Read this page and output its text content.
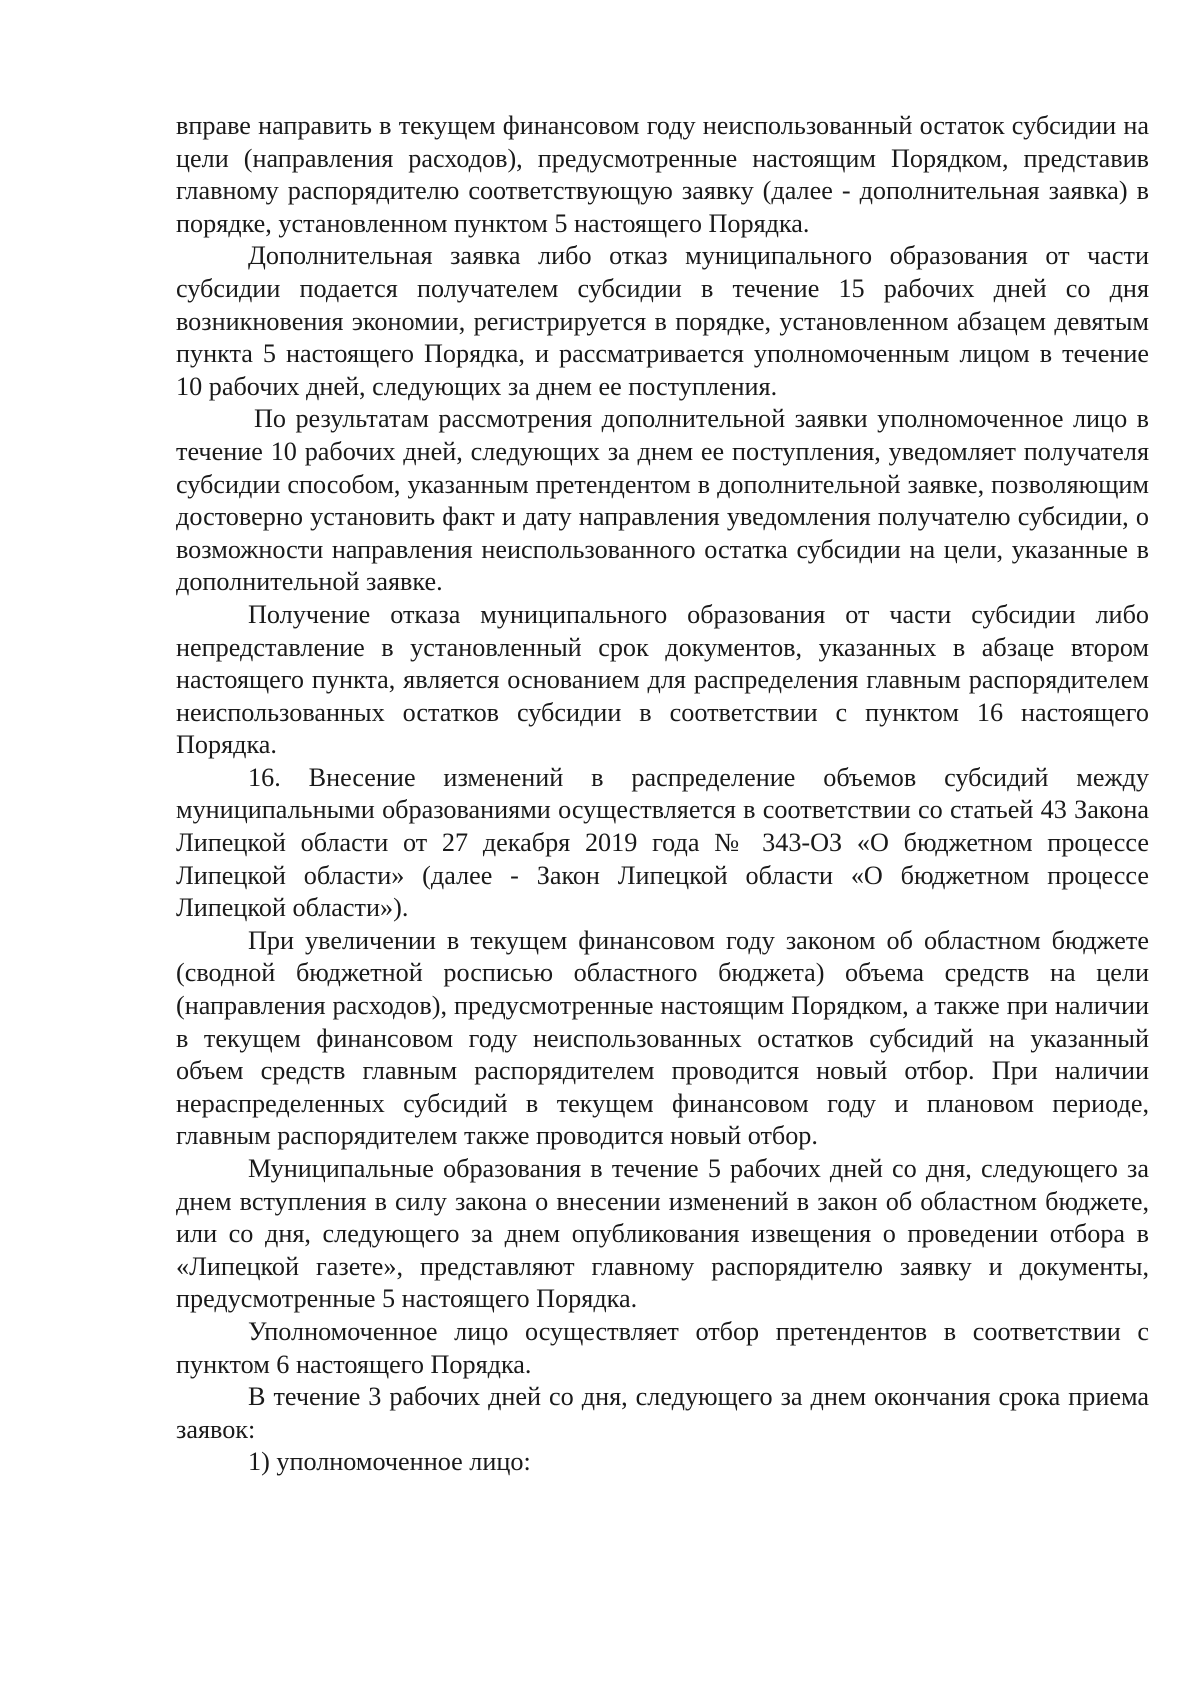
вправе направить в текущем финансовом году неиспользованный остаток субсидии на цели (направления расходов), предусмотренные настоящим Порядком, представив главному распорядителю соответствующую заявку (далее - дополнительная заявка) в порядке, установленном пунктом 5 настоящего Порядка.

Дополнительная заявка либо отказ муниципального образования от части субсидии подается получателем субсидии в течение 15 рабочих дней со дня возникновения экономии, регистрируется в порядке, установленном абзацем девятым пункта 5 настоящего Порядка, и рассматривается уполномоченным лицом в течение 10 рабочих дней, следующих за днем ее поступления.

По результатам рассмотрения дополнительной заявки уполномоченное лицо в течение 10 рабочих дней, следующих за днем ее поступления, уведомляет получателя субсидии способом, указанным претендентом в дополнительной заявке, позволяющим достоверно установить факт и дату направления уведомления получателю субсидии, о возможности направления неиспользованного остатка субсидии на цели, указанные в дополнительной заявке.

Получение отказа муниципального образования от части субсидии либо непредставление в установленный срок документов, указанных в абзаце втором настоящего пункта, является основанием для распределения главным распорядителем неиспользованных остатков субсидии в соответствии с пунктом 16 настоящего Порядка.

16. Внесение изменений в распределение объемов субсидий между муниципальными образованиями осуществляется в соответствии со статьей 43 Закона Липецкой области от 27 декабря 2019 года № 343-ОЗ «О бюджетном процессе Липецкой области» (далее - Закон Липецкой области «О бюджетном процессе Липецкой области»).

При увеличении в текущем финансовом году законом об областном бюджете (сводной бюджетной росписью областного бюджета) объема средств на цели (направления расходов), предусмотренные настоящим Порядком, а также при наличии в текущем финансовом году неиспользованных остатков субсидий на указанный объем средств главным распорядителем проводится новый отбор. При наличии нераспределенных субсидий в текущем финансовом году и плановом периоде, главным распорядителем также проводится новый отбор.

Муниципальные образования в течение 5 рабочих дней со дня, следующего за днем вступления в силу закона о внесении изменений в закон об областном бюджете, или со дня, следующего за днем опубликования извещения о проведении отбора в «Липецкой газете», представляют главному распорядителю заявку и документы, предусмотренные 5 настоящего Порядка.

Уполномоченное лицо осуществляет отбор претендентов в соответствии с пунктом 6 настоящего Порядка.

В течение 3 рабочих дней со дня, следующего за днем окончания срока приема заявок:

1) уполномоченное лицо:
